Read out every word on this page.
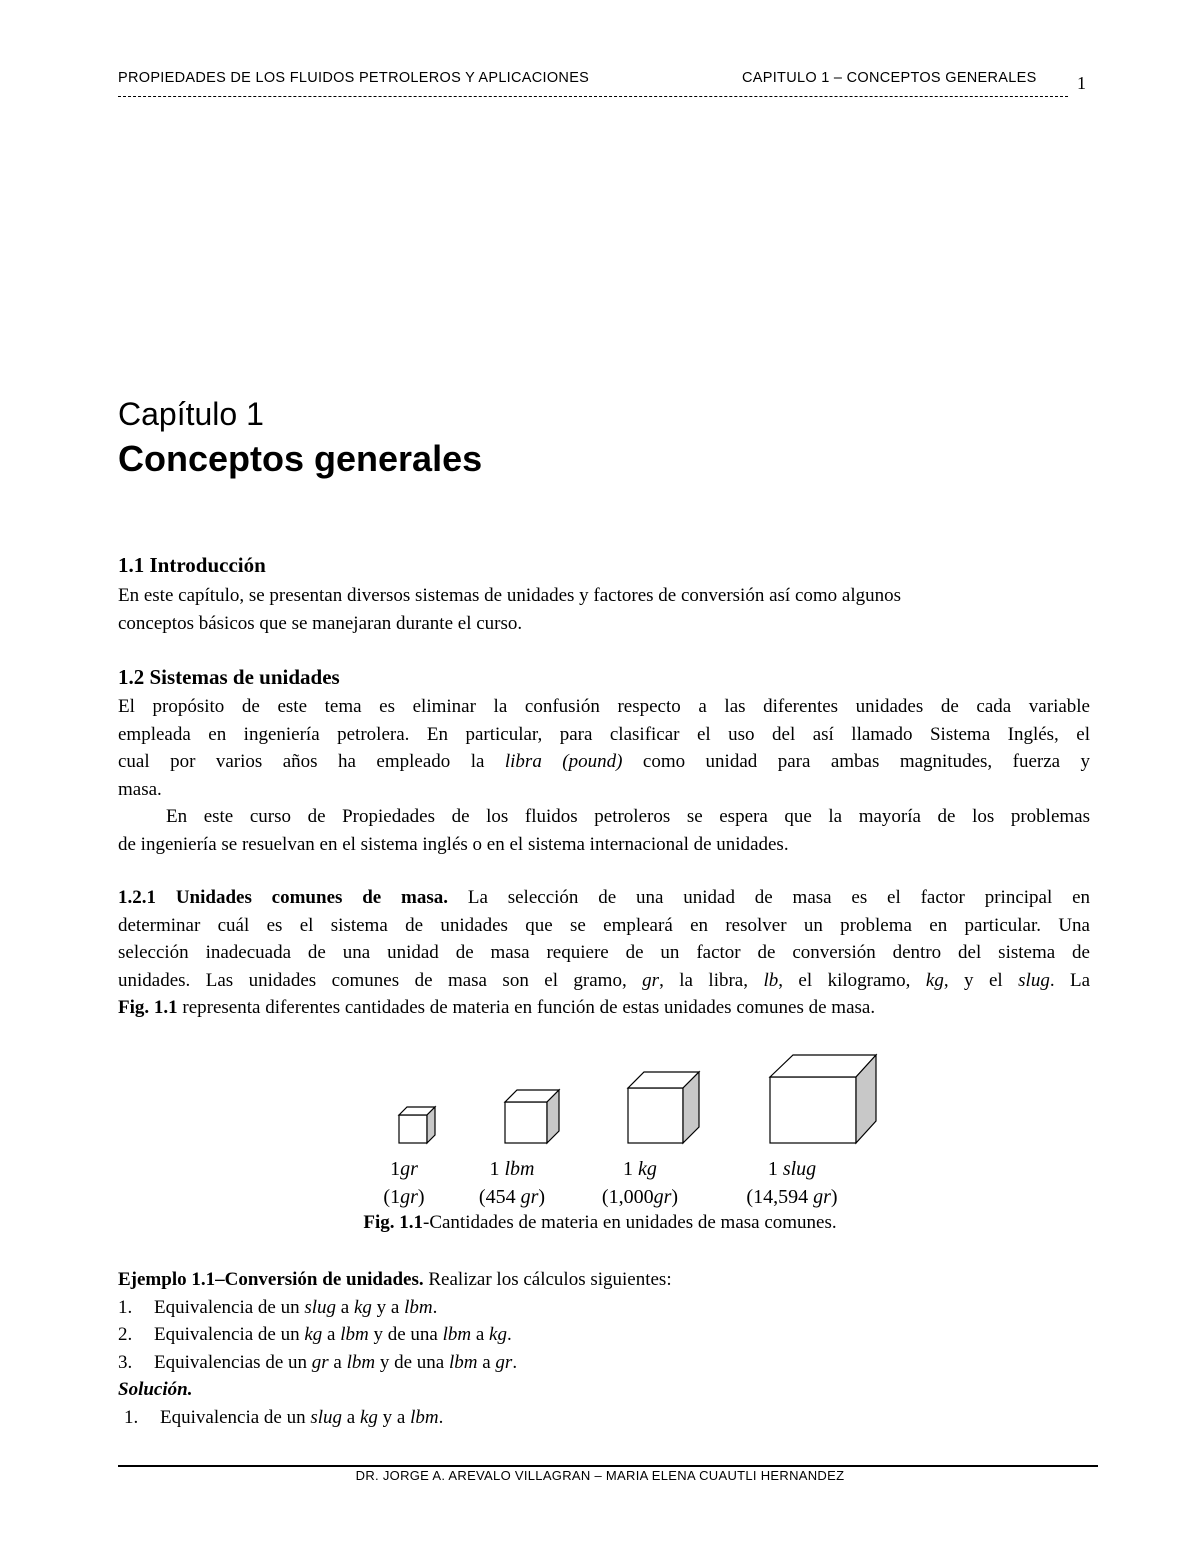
PROPIEDADES DE LOS FLUIDOS PETROLEROS Y APLICACIONES	CAPITULO 1 – CONCEPTOS GENERALES 1
Capítulo 1
Conceptos generales
1.1 Introducción
En este capítulo, se presentan diversos sistemas de unidades y factores de conversión así como algunos
conceptos básicos que se manejaran durante el curso.
1.2 Sistemas de unidades
El propósito de este tema es eliminar la confusión respecto a las diferentes unidades de cada variable
empleada en ingeniería petrolera. En particular, para clasificar el uso del así llamado Sistema Inglés, el
cual por varios años ha empleado la libra (pound) como unidad para ambas magnitudes, fuerza y
masa.
En este curso de Propiedades de los fluidos petroleros se espera que la mayoría de los problemas
de ingeniería se resuelvan en el sistema inglés o en el sistema internacional de unidades.
1.2.1 Unidades comunes de masa. La selección de una unidad de masa es el factor principal en
determinar cuál es el sistema de unidades que se empleará en resolver un problema en particular. Una
selección inadecuada de una unidad de masa requiere de un factor de conversión dentro del sistema de
unidades. Las unidades comunes de masa son el gramo, gr, la libra, lb, el kilogramo, kg, y el slug. La
Fig. 1.1 representa diferentes cantidades de materia en función de estas unidades comunes de masa.
1gr
(1gr)
1 lbm
(454 gr)
1 kg
(1,000gr)
1 slug
(14,594 gr)
Fig. 1.1-Cantidades de materia en unidades de masa comunes.
Ejemplo 1.1–Conversión de unidades. Realizar los cálculos siguientes:
1. Equivalencia de un slug a kg y a lbm.
2. Equivalencia de un kg a lbm y de una lbm a kg.
3. Equivalencias de un gr a lbm y de una lbm a gr.
Solución.
1. Equivalencia de un slug a kg y a lbm.
DR. JORGE A. AREVALO VILLAGRAN – MARIA ELENA CUAUTLI HERNANDEZ
